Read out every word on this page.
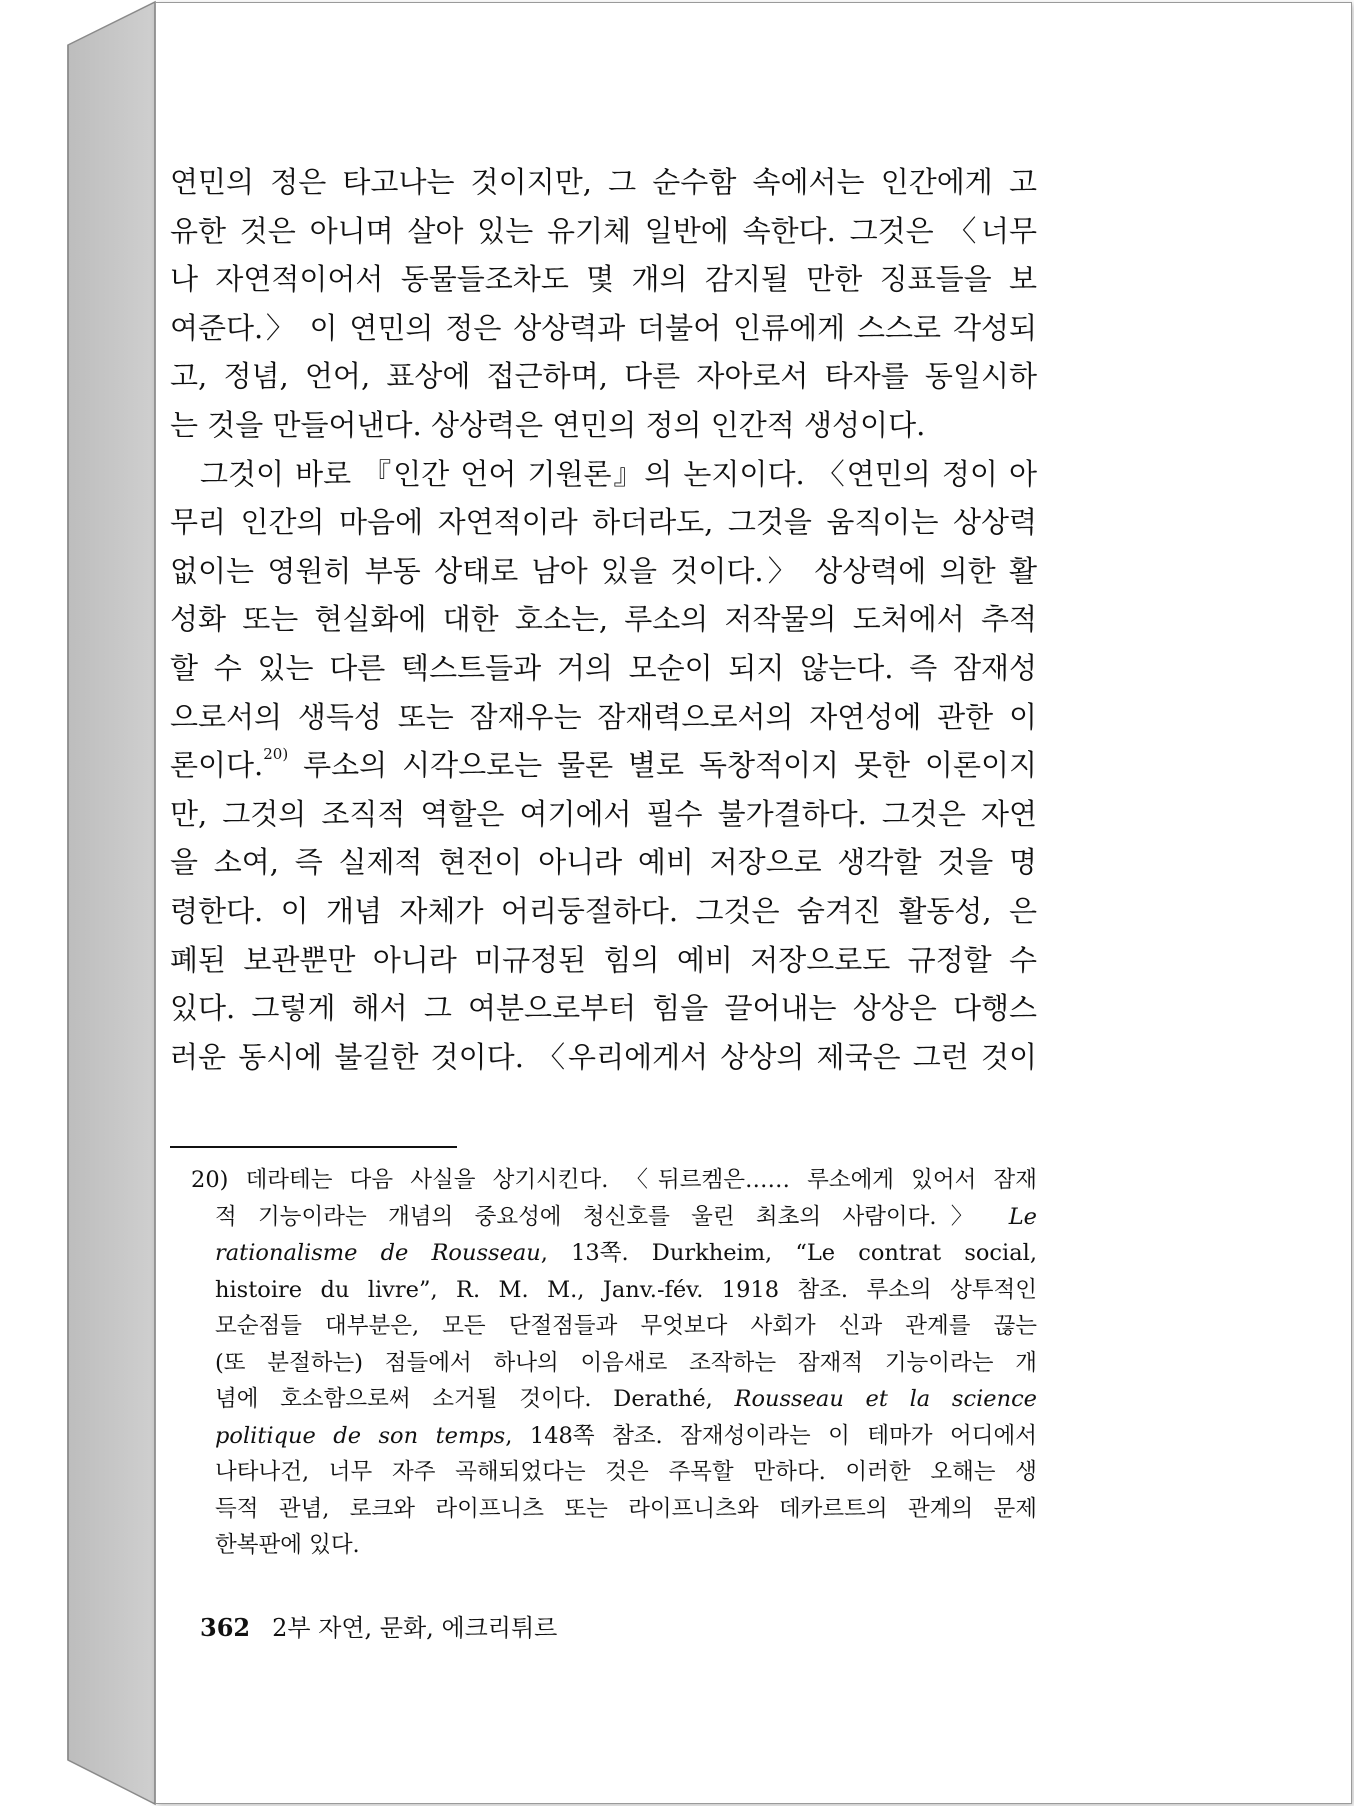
연민의 정은 타고나는 것이지만, 그 순수함 속에서는 인간에게 고
유한 것은 아니며 살아 있는 유기체 일반에 속한다. 그것은 〈너무
나 자연적이어서 동물들조차도 몇 개의 감지될 만한 징표들을 보
여준다.〉 이 연민의 정은 상상력과 더불어 인류에게 스스로 각성되
고, 정념, 언어, 표상에 접근하며, 다른 자아로서 타자를 동일시하
는 것을 만들어낸다. 상상력은 연민의 정의 인간적 생성이다.
그것이 바로 『인간 언어 기원론』의 논지이다. 〈연민의 정이 아
무리 인간의 마음에 자연적이라 하더라도, 그것을 움직이는 상상력
없이는 영원히 부동 상태로 남아 있을 것이다.〉 상상력에 의한 활
성화 또는 현실화에 대한 호소는, 루소의 저작물의 도처에서 추적
할 수 있는 다른 텍스트들과 거의 모순이 되지 않는다. 즉 잠재성
으로서의 생득성 또는 잠재우는 잠재력으로서의 자연성에 관한 이
론이다.$^{20)}$ 루소의 시각으로는 물론 별로 독창적이지 못한 이론이지
만, 그것의 조직적 역할은 여기에서 필수 불가결하다. 그것은 자연
을 소여, 즉 실제적 현전이 아니라 예비 저장으로 생각할 것을 명
령한다. 이 개념 자체가 어리둥절하다. 그것은 숨겨진 활동성, 은
폐된 보관뿐만 아니라 미규정된 힘의 예비 저장으로도 규정할 수
있다. 그렇게 해서 그 여분으로부터 힘을 끌어내는 상상은 다행스
러운 동시에 불길한 것이다. 〈우리에게서 상상의 제국은 그런 것이
20) 데라테는 다음 사실을 상기시킨다. 〈뒤르켐은…… 루소에게 있어서 잠재
적 기능이라는 개념의 중요성에 청신호를 울린 최초의 사람이다.〉 Le
rationalisme de Rousseau, 13쪽. Durkheim, “Le contrat social,
histoire du livre”, R. M. M., Janv.-fév. 1918 참조. 루소의 상투적인
모순점들 대부분은, 모든 단절점들과 무엇보다 사회가 신과 관계를 끊는
(또 분절하는) 점들에서 하나의 이음새로 조작하는 잠재적 기능이라는 개
념에 호소함으로써 소거될 것이다. Derathé, Rousseau et la science
politique de son temps, 148쪽 참조. 잠재성이라는 이 테마가 어디에서
나타나건, 너무 자주 곡해되었다는 것은 주목할 만하다. 이러한 오해는 생
득적 관념, 로크와 라이프니츠 또는 라이프니츠와 데카르트의 관계의 문제
한복판에 있다.
362 2부 자연, 문화, 에크리튀르
